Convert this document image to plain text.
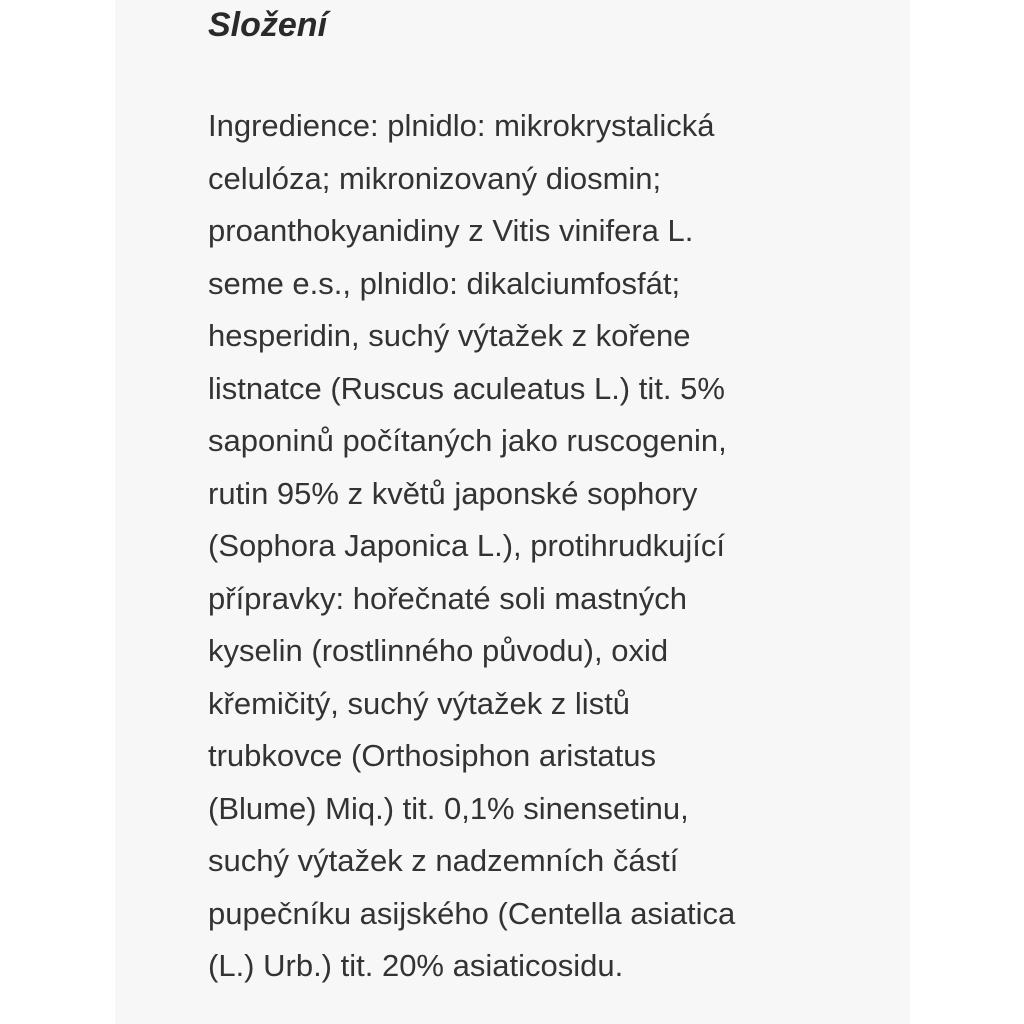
Složení

Ingredience: plnidlo: mikrokrystalická
celulóza; mikronizovaný diosmin;
proanthokyanidiny z Vitis vinifera L.
seme e.s., plnidlo: dikalciumfosfát;
hesperidin, suchý výtažek z kořene
listnatce (Ruscus aculeatus L.) tit. 5%
saponinů počítaných jako ruscogenin,
rutin 95% z květů japonské sophory
(Sophora Japonica L.), protihrudkující
přípravky: hořečnaté soli mastných
kyselin (rostlinného původu), oxid
křemičitý, suchý výtažek z listů
trubkovce (Orthosiphon aristatus
(Blume) Miq.) tit. 0,1% sinensetinu,
suchý výtažek z nadzemních částí
pupečníku asijského (Centella asiatica
(L.) Urb.) tit. 20% asiaticosidu.
